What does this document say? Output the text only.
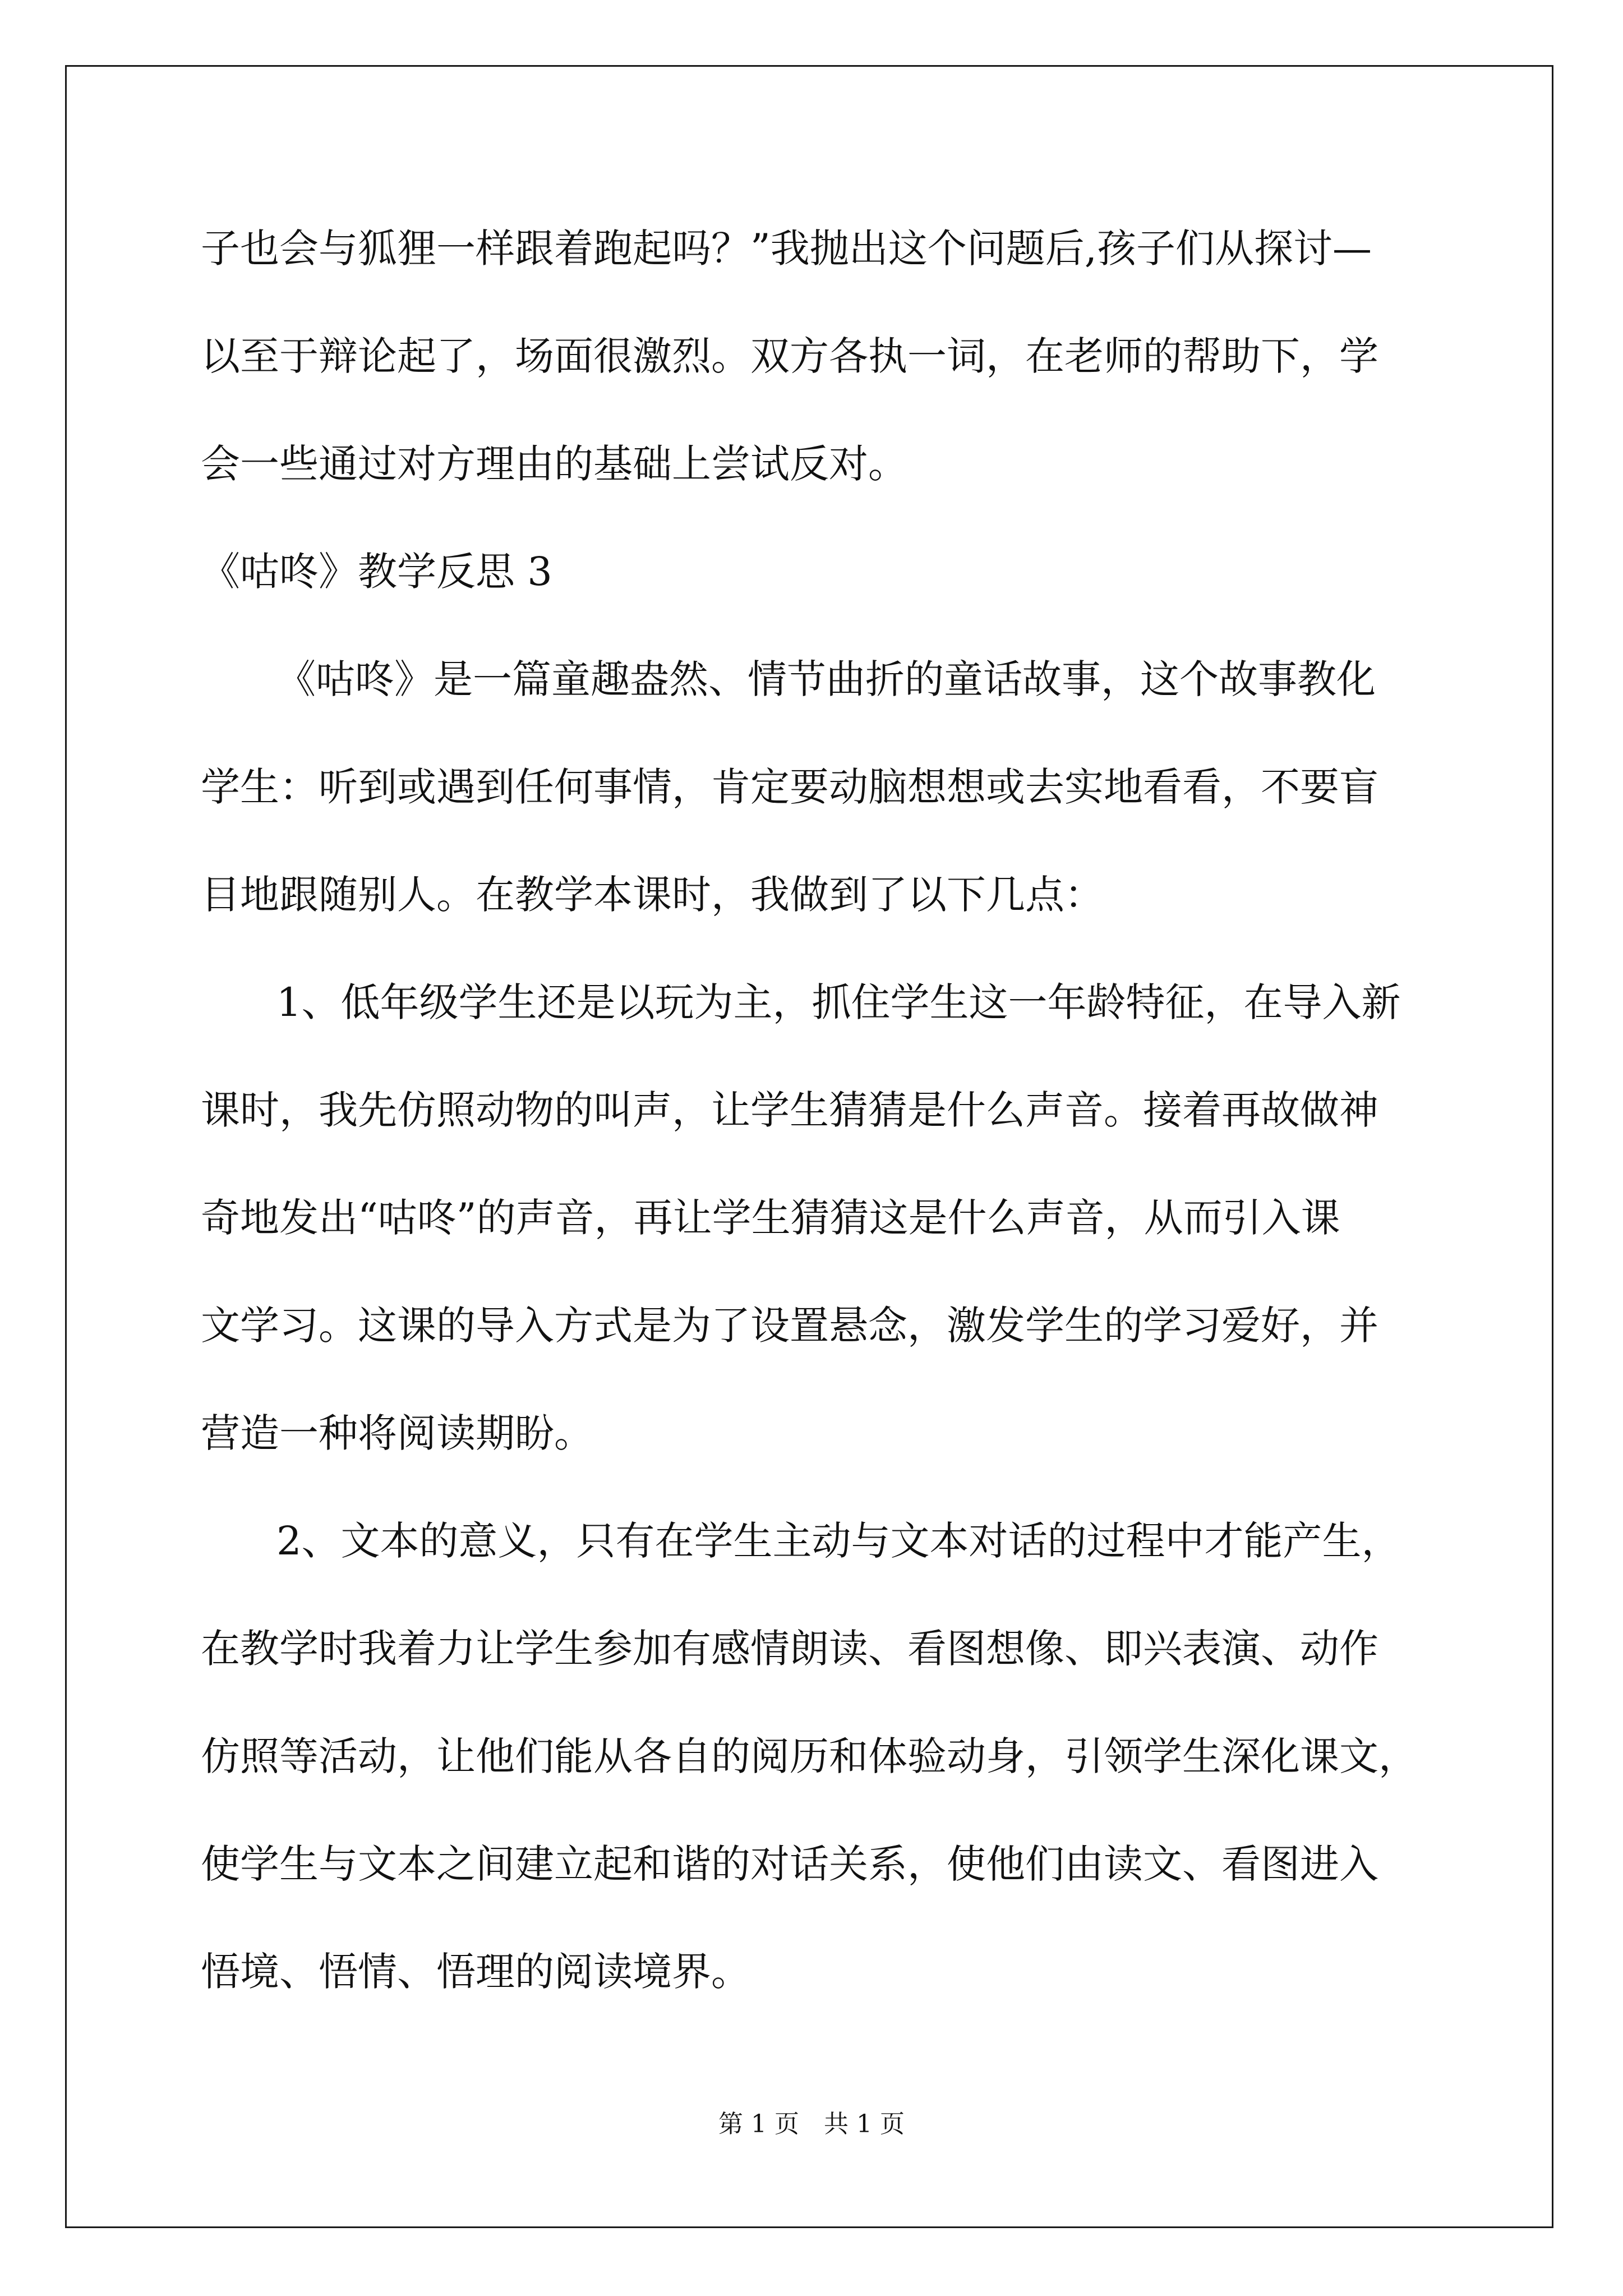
子也会与狐狸一样跟着跑起吗？”我抛出这个问题后,孩子们从探讨—

以至于辩论起了，场面很激烈。双方各执一词，在老师的帮助下，学

会一些通过对方理由的基础上尝试反对。

《咕咚》教学反思 3

《咕咚》是一篇童趣盎然、情节曲折的童话故事，这个故事教化

学生：听到或遇到任何事情，肯定要动脑想想或去实地看看，不要盲

目地跟随别人。在教学本课时，我做到了以下几点：

1、低年级学生还是以玩为主，抓住学生这一年龄特征，在导入新

课时，我先仿照动物的叫声，让学生猜猜是什么声音。接着再故做神

奇地发出“咕咚”的声音，再让学生猜猜这是什么声音，从而引入课

文学习。这课的导入方式是为了设置悬念，激发学生的学习爱好，并

营造一种将阅读期盼。

2、文本的意义，只有在学生主动与文本对话的过程中才能产生，

在教学时我着力让学生参加有感情朗读、看图想像、即兴表演、动作

仿照等活动，让他们能从各自的阅历和体验动身，引领学生深化课文，

使学生与文本之间建立起和谐的对话关系，使他们由读文、看图进入

悟境、悟情、悟理的阅读境界。

第 1 页　共 1 页
